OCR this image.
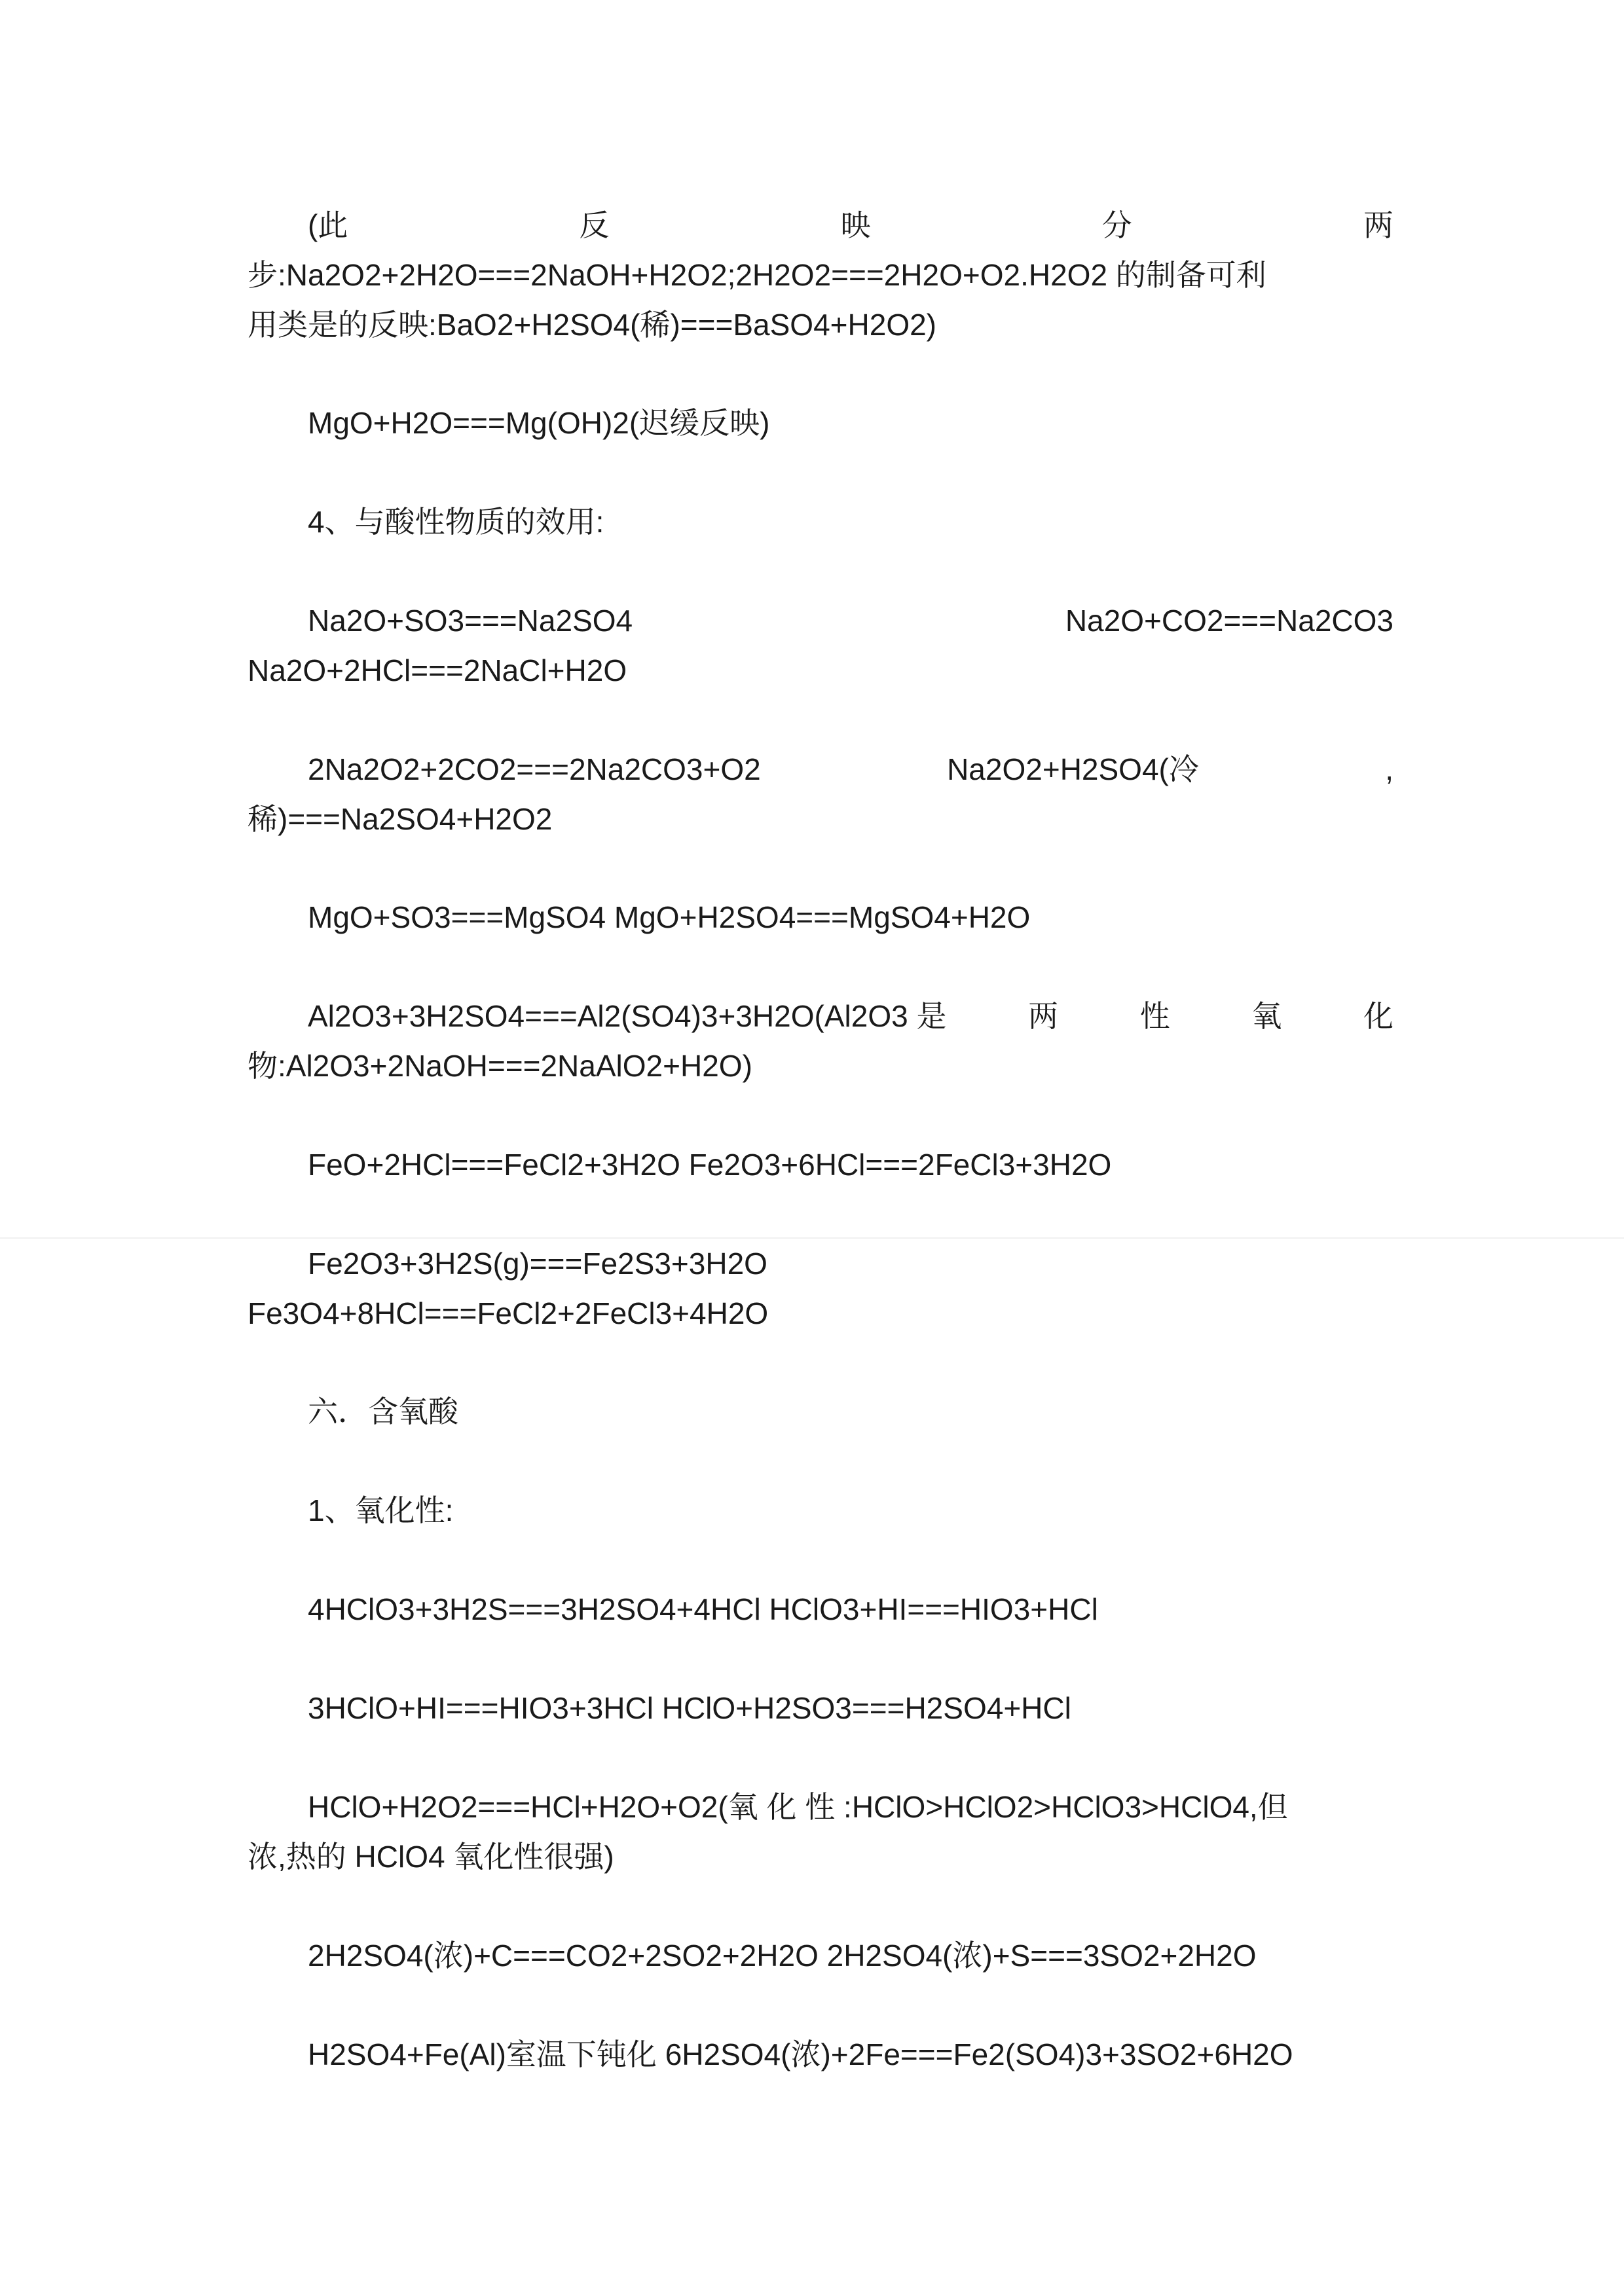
(此	反	映	分	两
步:Na2O2+2H2O===2NaOH+H2O2;2H2O2===2H2O+O2.H2O2 的制备可利
用类是的反映:BaO2+H2SO4(稀)===BaSO4+H2O2)
MgO+H2O===Mg(OH)2(迟缓反映)
4、与酸性物质的效用:
Na2O+SO3===Na2SO4	Na2O+CO2===Na2CO3
Na2O+2HCl===2NaCl+H2O
2Na2O2+2CO2===2Na2CO3+O2	Na2O2+H2SO4(冷	,
稀)===Na2SO4+H2O2
MgO+SO3===MgSO4 MgO+H2SO4===MgSO4+H2O
Al2O3+3H2SO4===Al2(SO4)3+3H2O(Al2O3 是	两	性	氧	化
物:Al2O3+2NaOH===2NaAlO2+H2O)
FeO+2HCl===FeCl2+3H2O Fe2O3+6HCl===2FeCl3+3H2O
Fe2O3+3H2S(g)===Fe2S3+3H2O
Fe3O4+8HCl===FeCl2+2FeCl3+4H2O
六．含氧酸
1、氧化性:
4HClO3+3H2S===3H2SO4+4HCl HClO3+HI===HIO3+HCl
3HClO+HI===HIO3+3HCl HClO+H2SO3===H2SO4+HCl
HClO+H2O2===HCl+H2O+O2(氧 化 性 :HClO>HClO2>HClO3>HClO4,但
浓,热的 HClO4 氧化性很强)
2H2SO4(浓)+C===CO2+2SO2+2H2O 2H2SO4(浓)+S===3SO2+2H2O
H2SO4+Fe(Al)室温下钝化 6H2SO4(浓)+2Fe===Fe2(SO4)3+3SO2+6H2O
